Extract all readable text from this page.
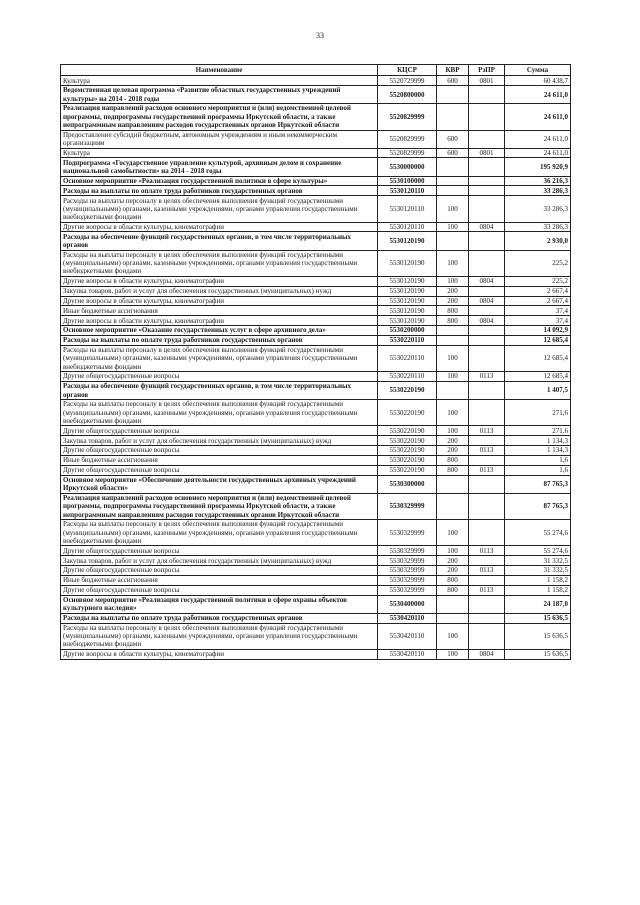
33
Наименование	КЦСР	КВР	РзПР	Сумма
Культура	5520729999	600	0801	60 438,7
Ведомственная целевая программа «Развитие областных государственных учреждений культуры» на 2014 - 2018 годы	5520800000			24 611,0
Реализация направлений расходов основного мероприятия и (или) ведомственной целевой программы, подпрограммы государственной программы Иркутской области, а также непрограммным направлениям расходов государственных органов Иркутской области	5520829999			24 611,0
Предоставление субсидий бюджетным, автономным учреждениям и иным некоммерческим организациям	5520829999	600		24 611,0
Культура	5520829999	600	0801	24 611,0
Подпрограмма «Государственное управление культурой, архивным делом и сохранение национальной самобытности» на 2014 - 2018 годы	5530000000			195 920,9
Основное мероприятие «Реализация государственной политики в сфере культуры»	5530100000			36 216,3
Расходы на выплаты по оплате труда работников государственных органов	5530120110			33 286,3
Расходы на выплаты персоналу в целях обеспечения выполнения функций государственными (муниципальными) органами, казенными учреждениями, органами управления государственными внебюджетными фондами	5530120110	100		33 286,3
Другие вопросы в области культуры, кинематографии	5530120110	100	0804	33 286,3
Расходы на обеспечение функций государственных органов, в том числе территориальных органов	5530120190			2 930,0
Расходы на выплаты персоналу в целях обеспечения выполнения функций государственными (муниципальными) органами, казенными учреждениями, органами управления государственными внебюджетными фондами	5530120190	100		225,2
Другие вопросы в области культуры, кинематографии	5530120190	100	0804	225,2
Закупка товаров, работ и услуг для обеспечения государственных (муниципальных) нужд	5530120190	200		2 667,4
Другие вопросы в области культуры, кинематографии	5530120190	200	0804	2 667,4
Иные бюджетные ассигнования	5530120190	800		37,4
Другие вопросы в области культуры, кинематографии	5530120190	800	0804	37,4
Основное мероприятие «Оказание государственных услуг в сфере архивного дела»	5530200000			14 092,9
Расходы на выплаты по оплате труда работников государственных органов	5530220110			12 685,4
Расходы на выплаты персоналу в целях обеспечения выполнения функций государственными (муниципальными) органами, казенными учреждениями, органами управления государственными внебюджетными фондами	5530220110	100		12 685,4
Другие общегосударственные вопросы	5530220110	100	0113	12 685,4
Расходы на обеспечение функций государственных органов, в том числе территориальных органов	5530220190			1 407,5
Расходы на выплаты персоналу в целях обеспечения выполнения функций государственными (муниципальными) органами, казенными учреждениями, органами управления государственными внебюджетными фондами	5530220190	100		271,6
Другие общегосударственные вопросы	5530220190	100	0113	271,6
Закупка товаров, работ и услуг для обеспечения государственных (муниципальных) нужд	5530220190	200		1 134,3
Другие общегосударственные вопросы	5530220190	200	0113	1 134,3
Иные бюджетные ассигнования	5530220190	800		1,6
Другие общегосударственные вопросы	5530220190	800	0113	1,6
Основное мероприятие «Обеспечение деятельности государственных архивных учреждений Иркутской области»	5530300000			87 765,3
Реализация направлений расходов основного мероприятия и (или) ведомственной целевой программы, подпрограммы государственной программы Иркутской области, а также непрограммным направлениям расходов государственных органов Иркутской области	5530329999			87 765,3
Расходы на выплаты персоналу в целях обеспечения выполнения функций государственными (муниципальными) органами, казенными учреждениями, органами управления государственными внебюджетными фондами	5530329999	100		55 274,6
Другие общегосударственные вопросы	5530329999	100	0113	55 274,6
Закупка товаров, работ и услуг для обеспечения государственных (муниципальных) нужд	5530329999	200		31 332,5
Другие общегосударственные вопросы	5530329999	200	0113	31 332,5
Иные бюджетные ассигнования	5530329999	800		1 158,2
Другие общегосударственные вопросы	5530329999	800	0113	1 158,2
Основное мероприятие «Реализация государственной политики в сфере охраны объектов культурного наследия»	5530400000			24 187,0
Расходы на выплаты по оплате труда работников государственных органов	5530420110			15 636,5
Расходы на выплаты персоналу в целях обеспечения выполнения функций государственными (муниципальными) органами, казенными учреждениями, органами управления государственными внебюджетными фондами	5530420110	100		15 636,5
Другие вопросы в области культуры, кинематографии	5530420110	100	0804	15 636,5
